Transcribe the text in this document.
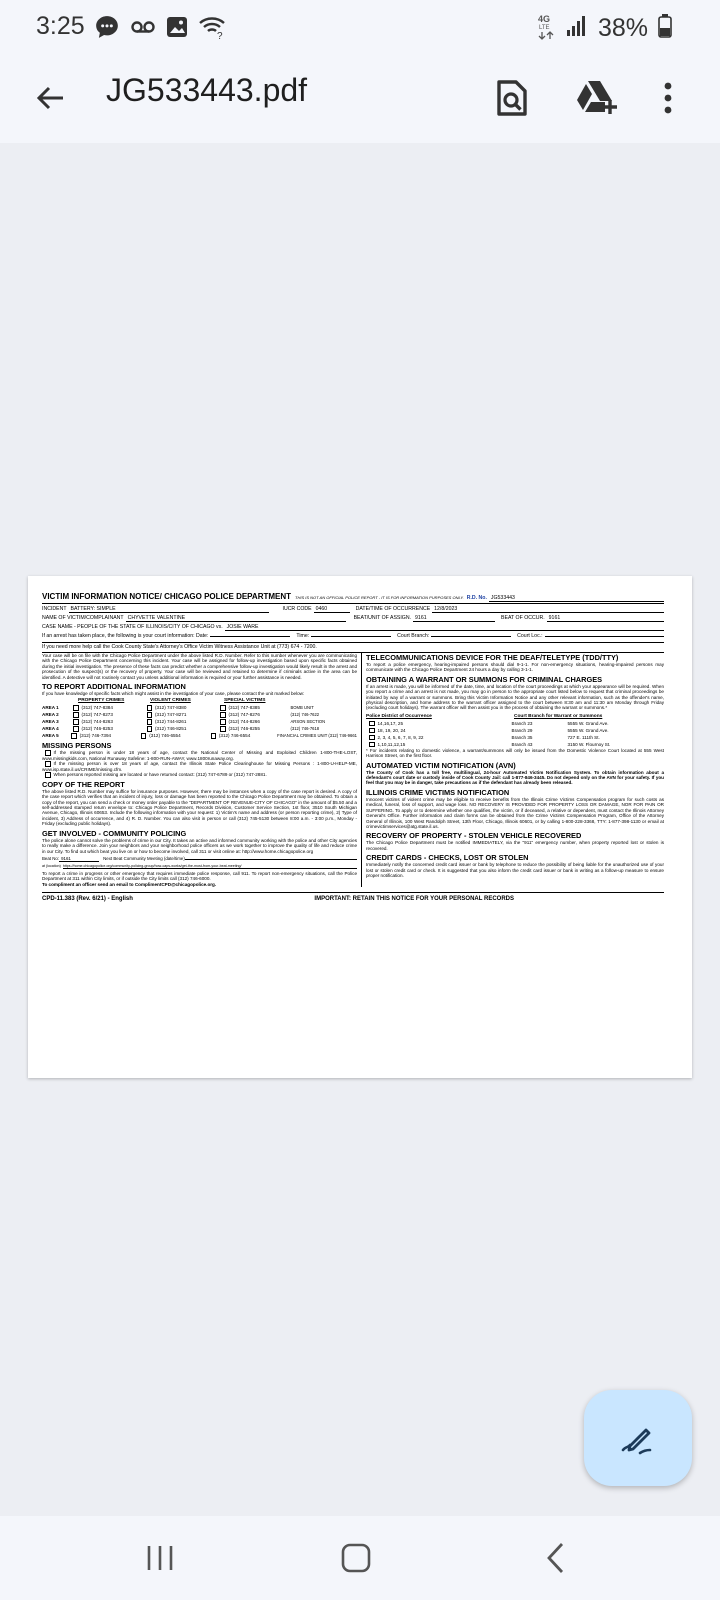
3:25	?
4G
LTE 38%
JG533443.pdf
VICTIM INFORMATION NOTICE/ CHICAGO POLICE DEPARTMENT THIS IS NOT AN OFFICIAL POLICE REPORT - IT IS FOR INFORMATION PURPOSES ONLY. R.D. No. JG533443
INCIDENT BATTERY: SIMPLE	IUCR CODE 0460	DATE/TIME OF OCCURRENCE 12/8/2023
NAME OF VICTIM/COMPLAINANT CHYVETTE VALENTINE	BEAT/UNIT OF ASSIGN. 9161	BEAT OF OCCUR. 9161
CASE NAME - PEOPLE OF THE STATE OF ILLINOIS/CITY OF CHICAGO vs. JOSIE WARE
If an arrest has taken place, the following is your court information: Date:	Time:	Court Branch:	Court Loc.:
If you need more help call the Cook County State's Attorney's Office Victim Witness Assistance Unit at (773) 674 - 7200.

Your case will be on file with the Chicago Police Department under the above listed R.D. Number. Refer to this number whenever you are communicating with the Chicago Police Department concerning this incident. Your case will be assigned for follow-up investigation based upon specific facts obtained during the initial investigation. The presence of these facts can predict whether a comprehensive follow-up investigation would likely result in the arrest and prosecution of the suspect(s) or the recovery of property. Your case will be reviewed and retained to determine if criminals active in the area can be identified. A detective will not routinely contact you unless additional information is required or your further assistance is needed.

TO REPORT ADDITIONAL INFORMATION

If you have knowledge of specific facts which might assist in the investigation of your case, please contact the unit marked below:

PROPERTY CRIMES	VIOLENT CRIMES	SPECIAL VICTIMS
AREA 1	(312) 747-8384	(312) 747-8380	(312) 747-8385	BOMB UNIT
AREA 2	(312) 747-8273	(312) 747-8271	(312) 747-8276	(312) 746-7622
AREA 3	(312) 744-8263	(312) 744-8261	(312) 744-8266	ARSON SECTION
AREA 4	(312) 746-8253	(312) 746-8251	(312) 746-8255	(312) 746-7618
AREA 5	(312) 746-7394	(312) 746-6554	(312) 746-6554	FINANCIAL CRIMES UNIT (312) 746-9661
MISSING PERSONS

If the missing person is under 18 years of age, contact the National Center of Missing and Exploited Children 1-800-THE-LOST, www.missingkids.com, National Runaway Safeline: 1-800-RUN-AWAY, www.1800runaway.org.

If the missing person is over 18 years of age, contact the Illinois State Police Clearinghouse for Missing Persons : 1-800-U-HELP-ME, www.isp.state.il.us/CRIME/missing.cfm.

When persons reported missing are located or have returned contact: (312) 747-6789 or (312) 747-2881.

COPY OF THE REPORT

The above listed R.D. Number may suffice for insurance purposes. However, there may be instances when a copy of the case report is desired. A copy of the case report which verifies that an incident of injury, loss or damage has been reported to the Chicago Police Department may be obtained. To obtain a copy of the report, you can send a check or money order payable to the "DEPARTMENT OF REVENUE-CITY OF CHICAGO" in the amount of $5.50 and a self-addressed stamped return envelope to: Chicago Police Department, Records Division, Customer Service Section, 1st floor, 3510 South Michigan Avenue, Chicago, Illinois 60653. Include the following information with your request: 1) Victim's name and address (or person reporting crime), 2) Type of incident, 3) Address of occurrence, and 4) R. D. Number. You can also visit in person or call (312) 745-5130 between 8:00 a.m. - 3:00 p.m., Monday - Friday (excluding public holidays).

GET INVOLVED - COMMUNITY POLICING

The police alone cannot solve the problems of crime in our City. It takes an active and informed community working with the police and other City agencies to really make a difference. Join your neighbors and your neighborhood police officers as we work together to improve the quality of life and reduce crime in our City. To find out which beat you live on or how to become involved, call 311 or visit online at: http://www.home.chicagopolice.org

Beat No: 9161	Next Beat Community Meeting (date/time)
at (location) https://home.chicagopolice.org/community-policing-group/how-caps-works/get-the-most-from-your-beat-meeting/

To report a crime in progress or other emergency that requires immediate police response, call 911. To report non-emergency situations, call the Police Department at 311 within City limits, or if outside the City limits call (312) 746-6000.

To compliment an officer send an email to ComplimentCPD@chicagopolice.org.

TELECOMMUNICATIONS DEVICE FOR THE DEAF/TELETYPE (TDD/TTY)

To report a police emergency, hearing-impaired persons should dial 9-1-1. For non-emergency situations, hearing-impaired persons may communicate with the Chicago Police Department 24 hours a day by calling 3-1-1.

OBTAINING A WARRANT OR SUMMONS FOR CRIMINAL CHARGES

If an arrest is made, you will be informed of the date, time, and location of the court proceedings at which your appearance will be required. When you report a crime and an arrest is not made, you may go in person to the appropriate court listed below to request that criminal proceedings be initiated by way of a warrant or summons. Bring this Victim Information Notice and any other relevant information, such as the offender's name, physical description, and home address to the warrant officer assigned to the court between 8:30 am and 11:30 am Monday through Friday (excluding court holidays). The warrant officer will then assist you in the process of obtaining the warrant or summons.*

Police District of Occurrence	Court Branch for Warrant or Summons
14,16,17, 25	Branch 23	5555 W. Grand Ave.
18, 19, 20, 24	Branch 29	5555 W. Grand Ave.
2, 3, 4, 5, 6, 7, 8, 9, 22	Branch 35	727 E. 111th St.
1,10,11,12,15	Branch 43	3150 W. Flournoy St.

* For incidents relating to domestic violence, a warrant/summons will only be issued from the Domestic Violence Court located at 555 West Harrison Street, on the first floor.

AUTOMATED VICTIM NOTIFICATION (AVN)

The County of Cook has a toll free, multilingual, 24-hour Automated Victim Notification System. To obtain information about a defendant's court date or custody inside of Cook County Jail: call 1-877-846-3445. Do not depend only on the AVN for your safety. If you feel that you may be in danger, take precautions as if the defendant has already been released.

ILLINOIS CRIME VICTIMS NOTIFICATION

Innocent victims of violent crime may be eligible to receive benefits from the Illinois Crime Victims Compensation program for such costs as medical, funeral, loss of support, and wage loss. NO RECOVERY IS PROVIDED FOR PROPERTY LOSS OR DAMAGE, NOR FOR PAIN OR SUFFERING. To apply or to determine whether one qualifies, the victim, or if deceased, a relative or dependent, must contact the Illinois Attorney General's Office. Further information and claim forms can be obtained from the Crime Victims Compensation Program, Office of the Attorney General of Illinois, 100 West Randolph Street, 13th Floor, Chicago, Illinois 60601, or by calling 1-800-228-3368, TTY: 1-877-398-1130 or email at crimevictimservices@atg.state.il.us.

RECOVERY OF PROPERTY - STOLEN VEHICLE RECOVERED

The Chicago Police Department must be notified IMMEDIATELY, via the "911" emergency number, when property reported lost or stolen is recovered.

CREDIT CARDS - CHECKS, LOST OR STOLEN

Immediately notify the concerned credit card issuer or bank by telephone to reduce the possibility of being liable for the unauthorized use of your lost or stolen credit card or check. It is suggested that you also inform the credit card issuer or bank in writing as a follow-up measure to ensure proper notification.

CPD-11.383 (Rev. 6/21) - English	IMPORTANT: RETAIN THIS NOTICE FOR YOUR PERSONAL RECORDS
